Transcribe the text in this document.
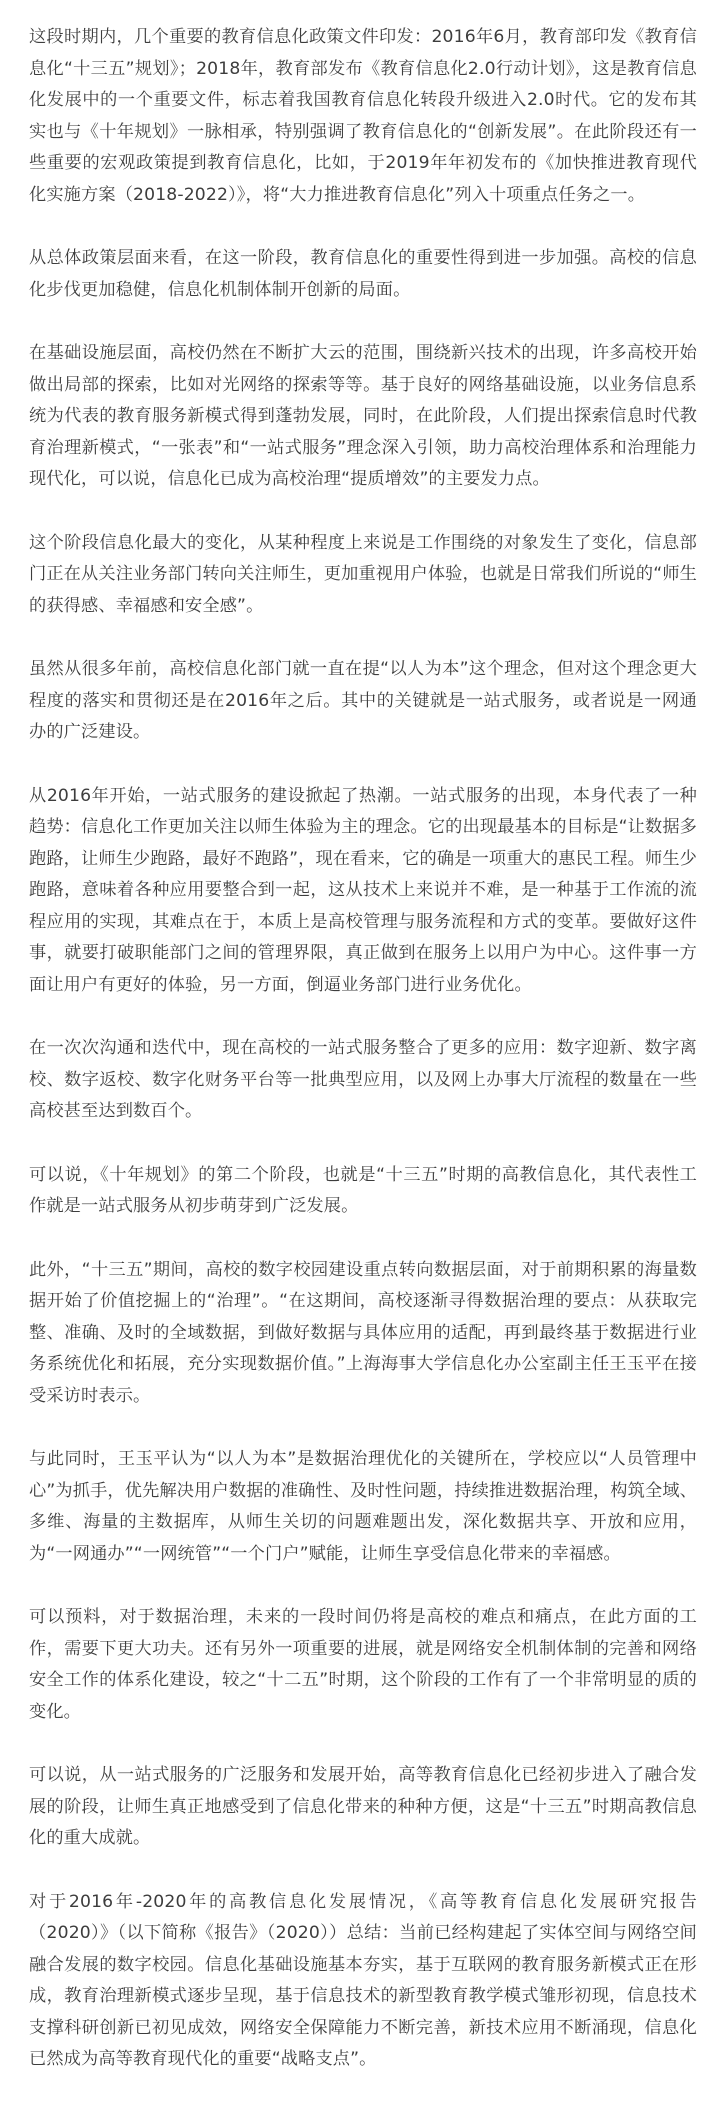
这段时期内，几个重要的教育信息化政策文件印发：2016年6月，教育部印发《教育信息化“十三五”规划》；2018年，教育部发布《教育信息化2.0行动计划》，这是教育信息化发展中的一个重要文件，标志着我国教育信息化转段升级进入2.0时代。它的发布其实也与《十年规划》一脉相承，特别强调了教育信息化的“创新发展”。在此阶段还有一些重要的宏观政策提到教育信息化，比如，于2019年年初发布的《加快推进教育现代化实施方案（2018-2022）》，将“大力推进教育信息化”列入十项重点任务之一。

从总体政策层面来看，在这一阶段，教育信息化的重要性得到进一步加强。高校的信息化步伐更加稳健，信息化机制体制开创新的局面。

在基础设施层面，高校仍然在不断扩大云的范围，围绕新兴技术的出现，许多高校开始做出局部的探索，比如对光网络的探索等等。基于良好的网络基础设施，以业务信息系统为代表的教育服务新模式得到蓬勃发展，同时，在此阶段，人们提出探索信息时代教育治理新模式，“一张表”和“一站式服务”理念深入引领，助力高校治理体系和治理能力现代化，可以说，信息化已成为高校治理“提质增效”的主要发力点。

这个阶段信息化最大的变化，从某种程度上来说是工作围绕的对象发生了变化，信息部门正在从关注业务部门转向关注师生，更加重视用户体验，也就是日常我们所说的“师生的获得感、幸福感和安全感”。

虽然从很多年前，高校信息化部门就一直在提“以人为本”这个理念，但对这个理念更大程度的落实和贯彻还是在2016年之后。其中的关键就是一站式服务，或者说是一网通办的广泛建设。

从2016年开始，一站式服务的建设掀起了热潮。一站式服务的出现，本身代表了一种趋势：信息化工作更加关注以师生体验为主的理念。它的出现最基本的目标是“让数据多跑路，让师生少跑路，最好不跑路”，现在看来，它的确是一项重大的惠民工程。师生少跑路，意味着各种应用要整合到一起，这从技术上来说并不难，是一种基于工作流的流程应用的实现，其难点在于，本质上是高校管理与服务流程和方式的变革。要做好这件事，就要打破职能部门之间的管理界限，真正做到在服务上以用户为中心。这件事一方面让用户有更好的体验，另一方面，倒逼业务部门进行业务优化。

在一次次沟通和迭代中，现在高校的一站式服务整合了更多的应用：数字迎新、数字离校、数字返校、数字化财务平台等一批典型应用，以及网上办事大厅流程的数量在一些高校甚至达到数百个。

可以说，《十年规划》的第二个阶段，也就是“十三五”时期的高教信息化，其代表性工作就是一站式服务从初步萌芽到广泛发展。

此外，“十三五”期间，高校的数字校园建设重点转向数据层面，对于前期积累的海量数据开始了价值挖掘上的“治理”。“在这期间，高校逐渐寻得数据治理的要点：从获取完整、准确、及时的全域数据，到做好数据与具体应用的适配，再到最终基于数据进行业务系统优化和拓展，充分实现数据价值。”上海海事大学信息化办公室副主任王玉平在接受采访时表示。

与此同时，王玉平认为“以人为本”是数据治理优化的关键所在，学校应以“人员管理中心”为抓手，优先解决用户数据的准确性、及时性问题，持续推进数据治理，构筑全域、多维、海量的主数据库，从师生关切的问题难题出发，深化数据共享、开放和应用，为“一网通办”“一网统管”“一个门户”赋能，让师生享受信息化带来的幸福感。

可以预料，对于数据治理，未来的一段时间仍将是高校的难点和痛点，在此方面的工作，需要下更大功夫。还有另外一项重要的进展，就是网络安全机制体制的完善和网络安全工作的体系化建设，较之“十二五”时期，这个阶段的工作有了一个非常明显的质的变化。

可以说，从一站式服务的广泛服务和发展开始，高等教育信息化已经初步进入了融合发展的阶段，让师生真正地感受到了信息化带来的种种方便，这是“十三五”时期高教信息化的重大成就。

对于2016年-2020年的高教信息化发展情况，《高等教育信息化发展研究报告（2020）》（以下简称《报告》（2020））总结：当前已经构建起了实体空间与网络空间融合发展的数字校园。信息化基础设施基本夯实，基于互联网的教育服务新模式正在形成，教育治理新模式逐步呈现，基于信息技术的新型教育教学模式雏形初现，信息技术支撑科研创新已初见成效，网络安全保障能力不断完善，新技术应用不断涌现，信息化已然成为高等教育现代化的重要“战略支点”。
